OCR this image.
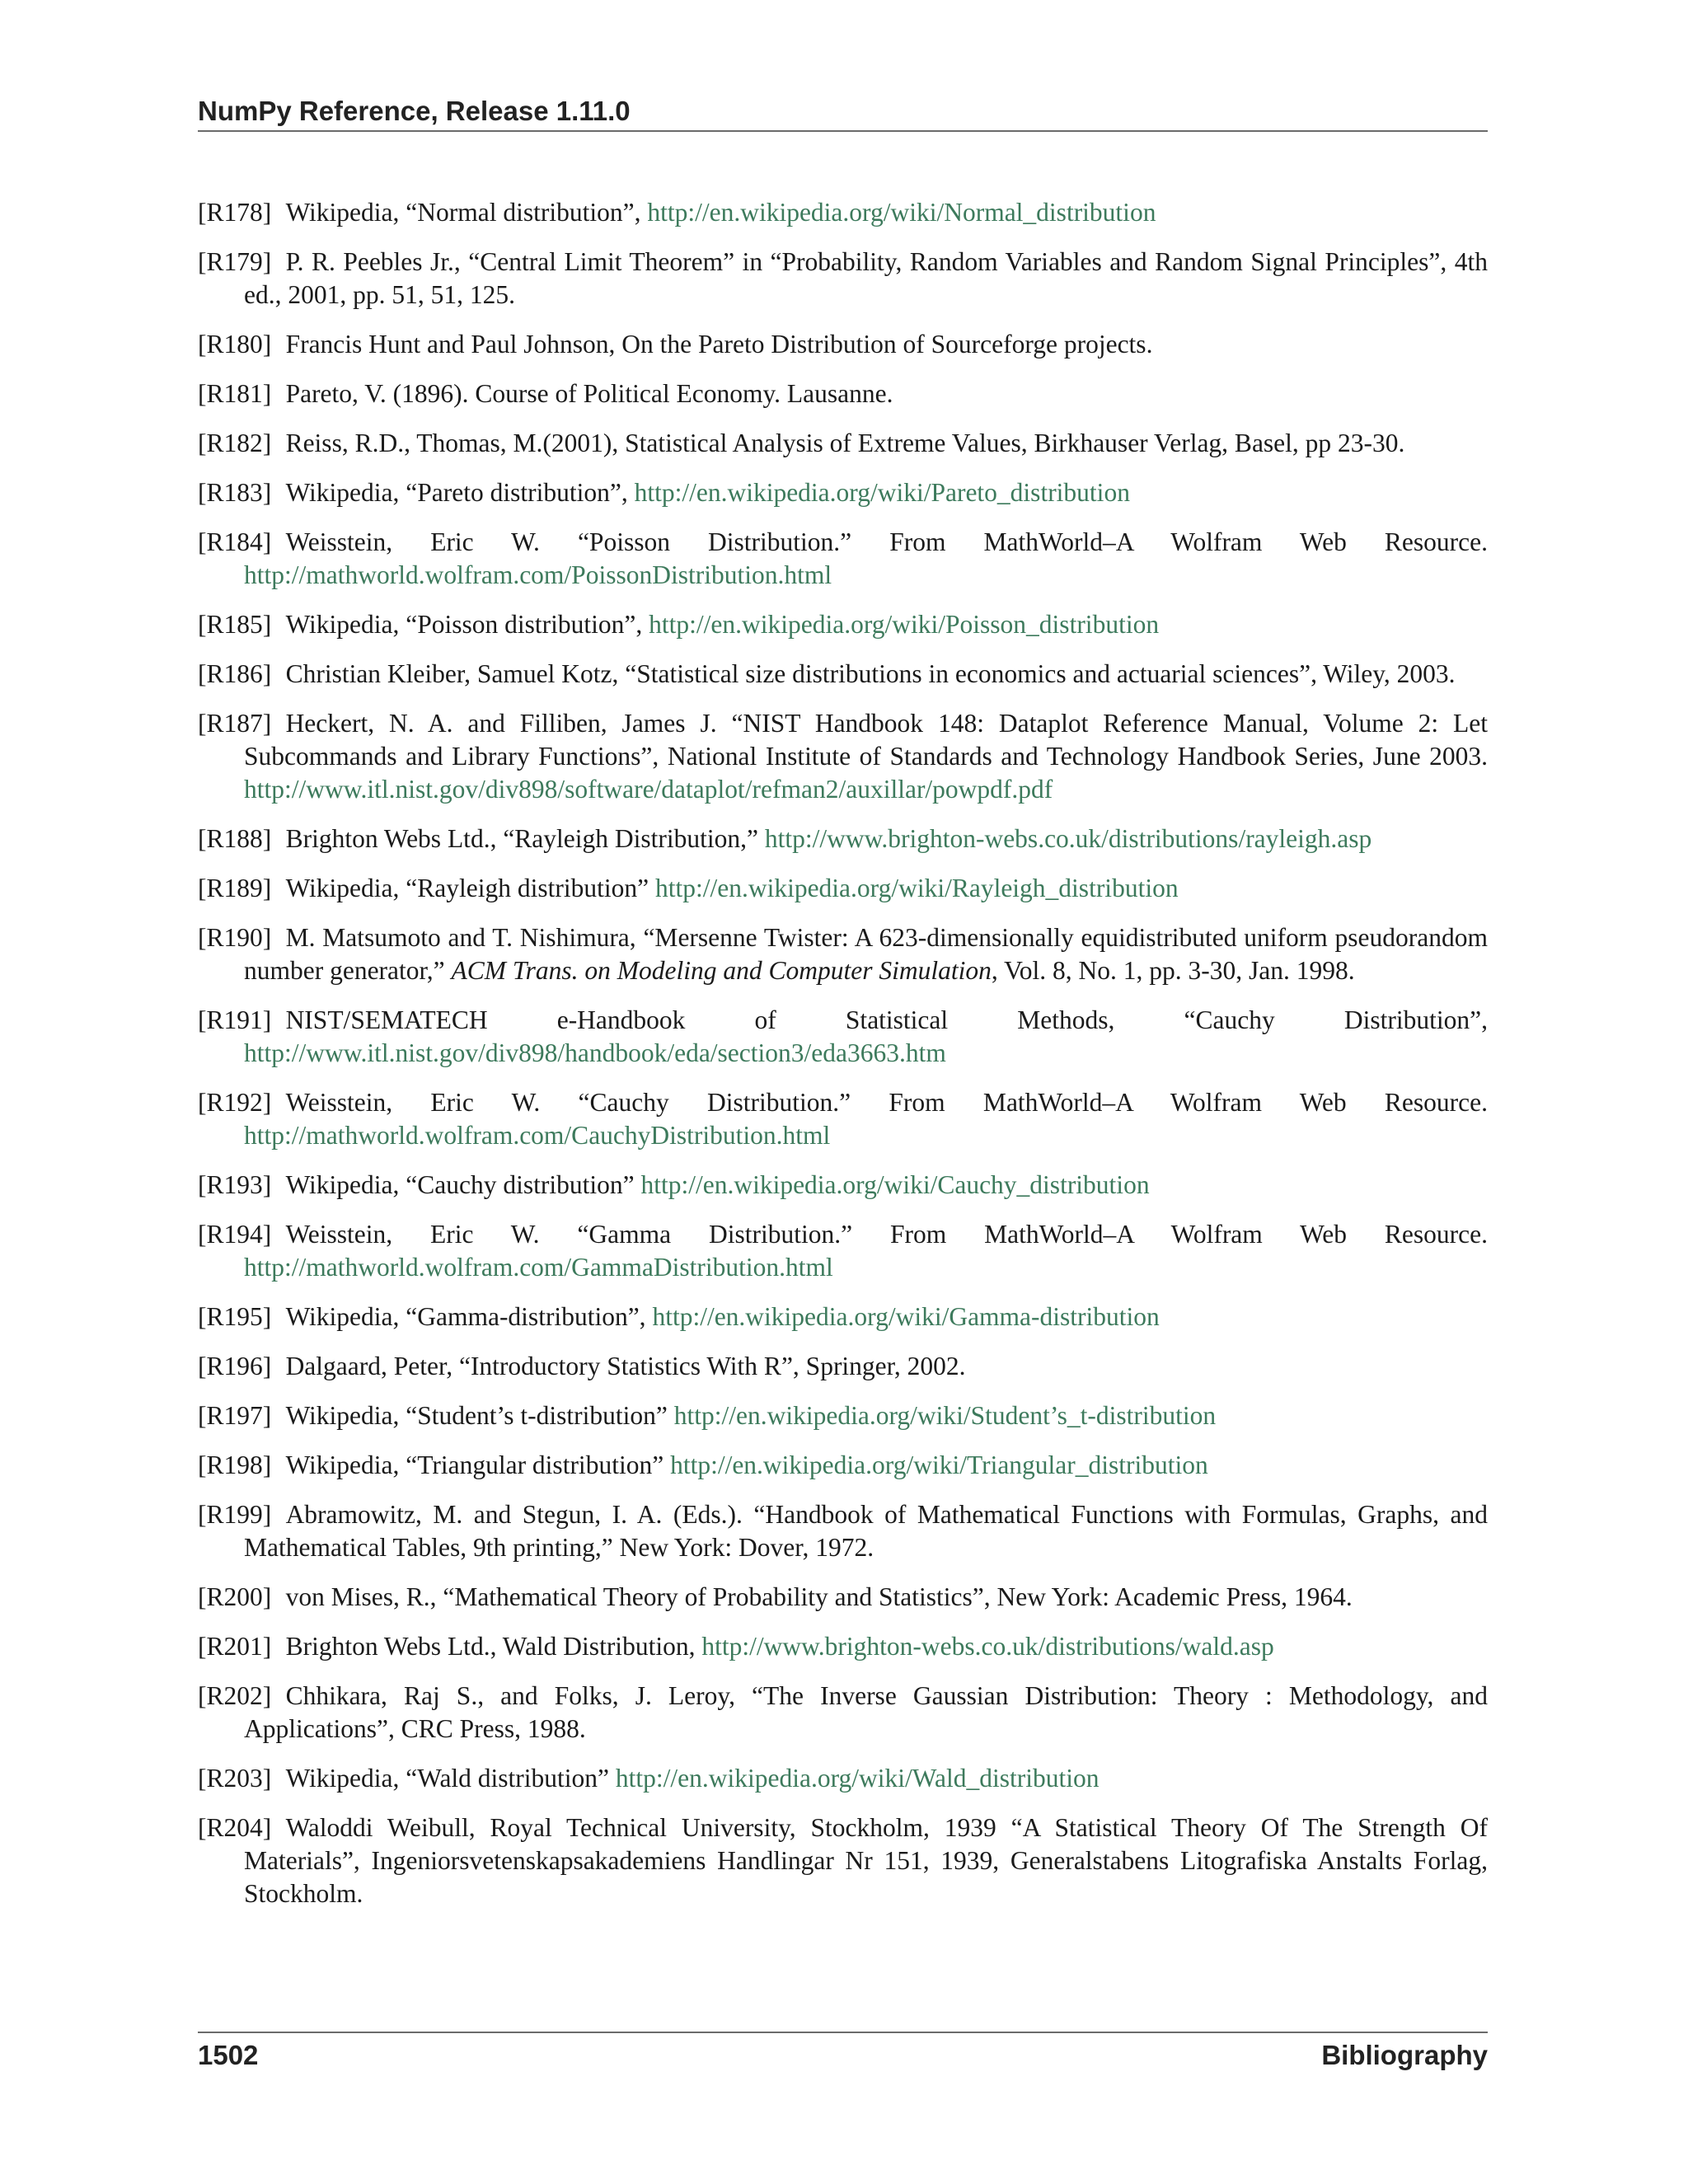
NumPy Reference, Release 1.11.0

[R178] Wikipedia, “Normal distribution”, http://en.wikipedia.org/wiki/Normal_distribution

[R179] P. R. Peebles Jr., “Central Limit Theorem” in “Probability, Random Variables and Random Signal Principles”, 4th ed., 2001, pp. 51, 51, 125.

[R180] Francis Hunt and Paul Johnson, On the Pareto Distribution of Sourceforge projects.

[R181] Pareto, V. (1896). Course of Political Economy. Lausanne.

[R182] Reiss, R.D., Thomas, M.(2001), Statistical Analysis of Extreme Values, Birkhauser Verlag, Basel, pp 23-30.

[R183] Wikipedia, “Pareto distribution”, http://en.wikipedia.org/wiki/Pareto_distribution

[R184] Weisstein, Eric W. “Poisson Distribution.” From MathWorld–A Wolfram Web Resource. http://mathworld.wolfram.com/PoissonDistribution.html

[R185] Wikipedia, “Poisson distribution”, http://en.wikipedia.org/wiki/Poisson_distribution

[R186] Christian Kleiber, Samuel Kotz, “Statistical size distributions in economics and actuarial sciences”, Wiley, 2003.

[R187] Heckert, N. A. and Filliben, James J. “NIST Handbook 148: Dataplot Reference Manual, Volume 2: Let Subcommands and Library Functions”, National Institute of Standards and Technology Handbook Series, June 2003. http://www.itl.nist.gov/div898/software/dataplot/refman2/auxillar/powpdf.pdf

[R188] Brighton Webs Ltd., “Rayleigh Distribution,” http://www.brighton-webs.co.uk/distributions/rayleigh.asp

[R189] Wikipedia, “Rayleigh distribution” http://en.wikipedia.org/wiki/Rayleigh_distribution

[R190] M. Matsumoto and T. Nishimura, “Mersenne Twister: A 623-dimensionally equidistributed uniform pseudorandom number generator,” ACM Trans. on Modeling and Computer Simulation, Vol. 8, No. 1, pp. 3-30, Jan. 1998.

[R191] NIST/SEMATECH e-Handbook of Statistical Methods, “Cauchy Distribution”, http://www.itl.nist.gov/div898/handbook/eda/section3/eda3663.htm

[R192] Weisstein, Eric W. “Cauchy Distribution.” From MathWorld–A Wolfram Web Resource. http://mathworld.wolfram.com/CauchyDistribution.html

[R193] Wikipedia, “Cauchy distribution” http://en.wikipedia.org/wiki/Cauchy_distribution

[R194] Weisstein, Eric W. “Gamma Distribution.” From MathWorld–A Wolfram Web Resource. http://mathworld.wolfram.com/GammaDistribution.html

[R195] Wikipedia, “Gamma-distribution”, http://en.wikipedia.org/wiki/Gamma-distribution

[R196] Dalgaard, Peter, “Introductory Statistics With R”, Springer, 2002.

[R197] Wikipedia, “Student’s t-distribution” http://en.wikipedia.org/wiki/Student’s_t-distribution

[R198] Wikipedia, “Triangular distribution” http://en.wikipedia.org/wiki/Triangular_distribution

[R199] Abramowitz, M. and Stegun, I. A. (Eds.). “Handbook of Mathematical Functions with Formulas, Graphs, and Mathematical Tables, 9th printing,” New York: Dover, 1972.

[R200] von Mises, R., “Mathematical Theory of Probability and Statistics”, New York: Academic Press, 1964.

[R201] Brighton Webs Ltd., Wald Distribution, http://www.brighton-webs.co.uk/distributions/wald.asp

[R202] Chhikara, Raj S., and Folks, J. Leroy, “The Inverse Gaussian Distribution: Theory : Methodology, and Applications”, CRC Press, 1988.

[R203] Wikipedia, “Wald distribution” http://en.wikipedia.org/wiki/Wald_distribution

[R204] Waloddi Weibull, Royal Technical University, Stockholm, 1939 “A Statistical Theory Of The Strength Of Materials”, Ingeniorsvetenskapsakademiens Handlingar Nr 151, 1939, Generalstabens Litografiska Anstalts Forlag, Stockholm.

1502	Bibliography
